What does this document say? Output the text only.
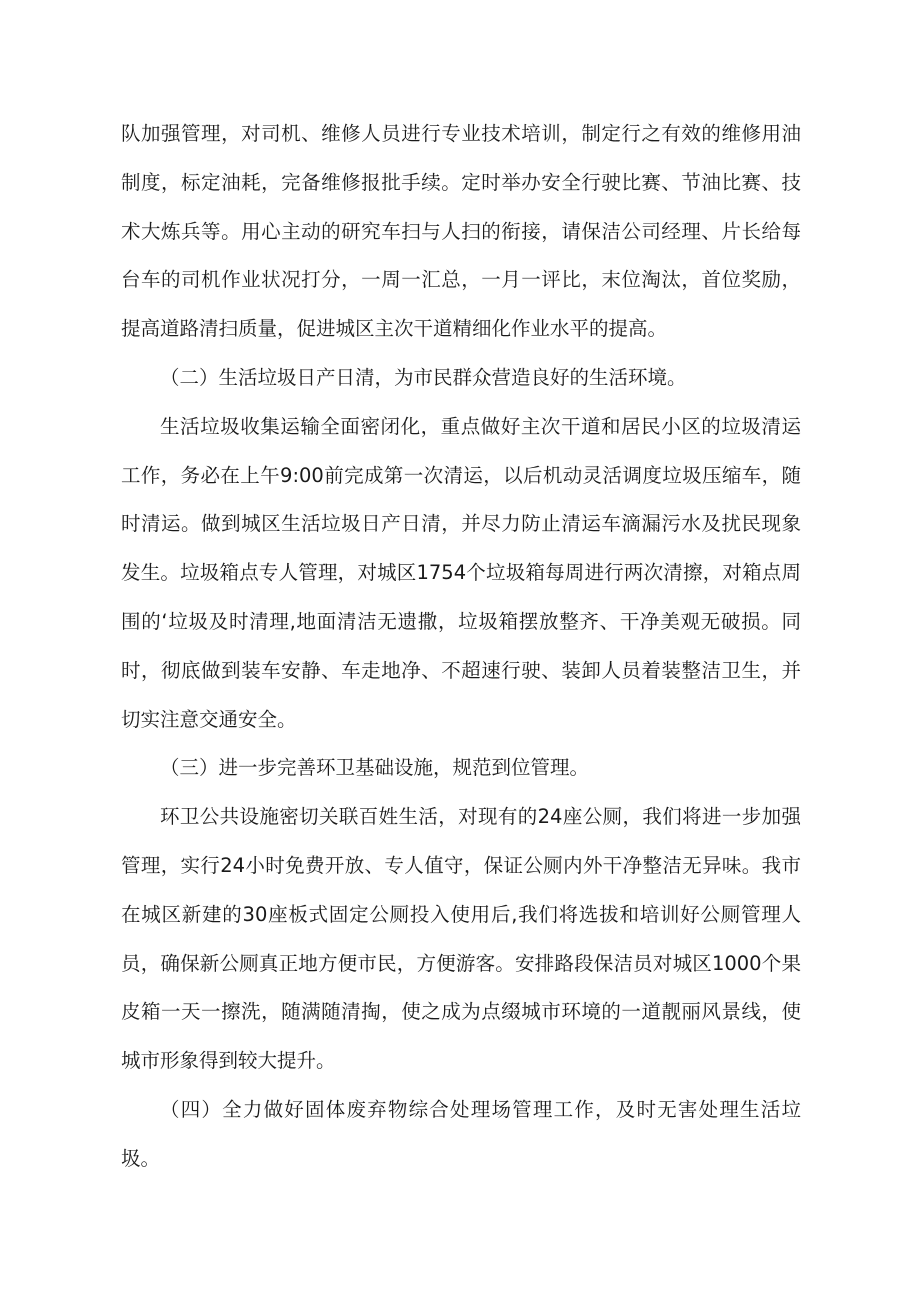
队加强管理，对司机、维修人员进行专业技术培训，制定行之有效的维修用油制度，标定油耗，完备维修报批手续。定时举办安全行驶比赛、节油比赛、技术大炼兵等。用心主动的研究车扫与人扫的衔接，请保洁公司经理、片长给每台车的司机作业状况打分，一周一汇总，一月一评比，末位淘汰，首位奖励，提高道路清扫质量，促进城区主次干道精细化作业水平的提高。

（二）生活垃圾日产日清，为市民群众营造良好的生活环境。

生活垃圾收集运输全面密闭化，重点做好主次干道和居民小区的垃圾清运工作，务必在上午9:00前完成第一次清运，以后机动灵活调度垃圾压缩车，随时清运。做到城区生活垃圾日产日清，并尽力防止清运车滴漏污水及扰民现象发生。垃圾箱点专人管理，对城区1754个垃圾箱每周进行两次清擦，对箱点周围的‘垃圾及时清理,地面清洁无遗撒，垃圾箱摆放整齐、干净美观无破损。同时，彻底做到装车安静、车走地净、不超速行驶、装卸人员着装整洁卫生，并切实注意交通安全。

（三）进一步完善环卫基础设施，规范到位管理。

环卫公共设施密切关联百姓生活，对现有的24座公厕，我们将进一步加强管理，实行24小时免费开放、专人值守，保证公厕内外干净整洁无异味。我市在城区新建的30座板式固定公厕投入使用后,我们将选拔和培训好公厕管理人员，确保新公厕真正地方便市民，方便游客。安排路段保洁员对城区1000个果皮箱一天一擦洗，随满随清掏，使之成为点缀城市环境的一道靓丽风景线，使城市形象得到较大提升。

（四）全力做好固体废弃物综合处理场管理工作，及时无害处理生活垃圾。
